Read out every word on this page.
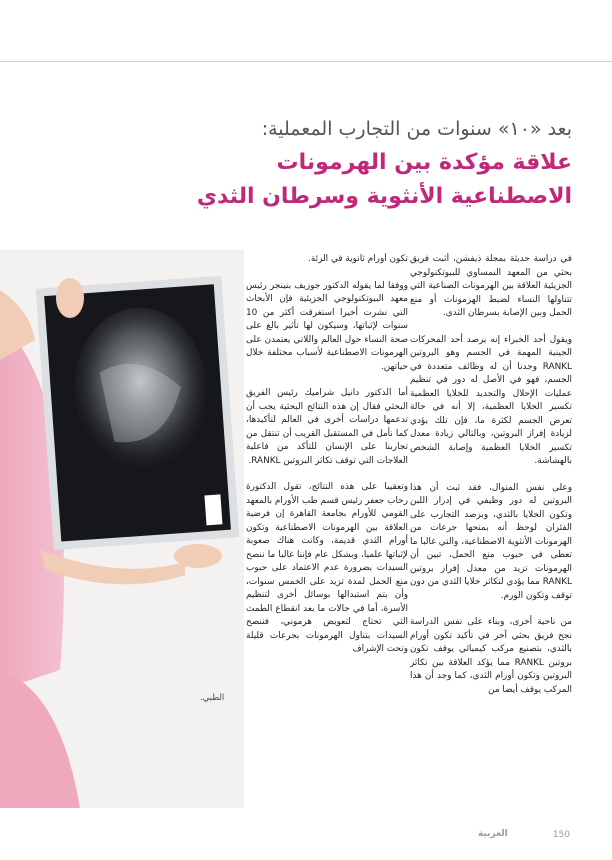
بعد «١٠» سنوات من التجارب المعملية:
علاقة مؤكدة بين الهرمونات
الاصطناعية الأنثوية وسرطان الثدي

في دراسة حديثة بمجلة ذيفشن، أثبت فريق بحثي من المعهد النمساوي للبيوتكنولوجي الجزيئية العلاقة بين الهرمونات الصناعية التي تتناولها النساء لضبط الهرمونات أو منع الحمل وبين الإصابة بسرطان الثدي.

ويقول أحد الخبراء إنه يرصد أحد المحركات الجينية المهمة في الجسم وهو البروتين RANKL وجدنا أن له وظائف متعددة في الجسم، فهو في الأصل له دور في تنظيم عمليات الإحلال والتجديد للخلايا العظمية تكسير الخلايا العظمية، إلا أنه في حالة تعرض الجسم لكثرة ما، فإن تلك يؤدي لزيادة إفراز البروتين، وبالتالي زيادة معدل تكسير الخلايا العظمية وإصابة الشخص بالهشاشة.

وعلى نفس المنوال، فقد ثبت أن هذا البروتين له دور وظيفي في إدرار اللبن وتكون الخلايا بالثدي، وبرصد التجارب على الفئران لوحظ أنه بمنحها جرعات من الهرمونات الأنثوية الاصطناعية، والتي غالبا ما تعطى في حبوب منع الحمل، تبين أن الهرمونات تزيد من معدل إفراز بروتين RANKL مما يؤدي لتكاثر خلايا الثدي من دون توقف وتكون الورم.

من ناحية أخرى، وبناء على نفس الدراسة نجح فريق بحثي آخر في تأكيد تكون أورام بالثدي، بتصنيع مركب كيميائي يوقف تكون بروتين RANKL مما يؤكد العلاقة بين تكاثر البروتين وتكون أورام الثدي، كما وجد أن هذا المركب يوقف أيضا من

تكون أورام ثانوية في الرئة.

ووفقا لما يقوله الدكتور جوزيف بنينجر رئيس معهد البيوتكنولوجي الجزيئية فإن الأبحاث التي نشرت أخيرا استغرقت أكثر من 10 سنوات لإثباتها، وسيكون لها تأثير بالغ على صحة النساء حول العالم واللاتي يعتمدن على الهرمونات الاصطناعية لأسباب مختلفة خلال حياتهن.

أما الدكتور دانيل شراميك رئيس الفريق البحثي فقال إن هذه النتائج البحثية يجب أن تدعمها دراسات أخرى في العالم لتأكيدها، كما نأمل في المستقبل القريب أن تنتقل من تجاربنا على الإنسان للتأكد من فاعلية العلاجات التي توقف تكاثر البروتين RANKL.

وتعقيبا على هذه النتائج، تقول الدكتورة رحاب جعفر رئيس قسم طب الأورام بالمعهد القومي للأورام بجامعة القاهرة إن فرضية العلاقة بين الهرمونات الاصطناعية وتكون أورام الثدي قديمة، وكانت هناك صعوبة لإثباتها علميا، وبشكل عام فإننا غالبا ما ننصح السيدات بضرورة عدم الاعتماد على حبوب منع الحمل لمدة تزيد على الخمس سنوات، وأن يتم استبدالها بوسائل أخرى لتنظيم الأسرة، أما في حالات ما بعد انقطاع الطمث التي تحتاج لتعويض هرموني، فننصح السيدات بتناول الهرمونات بجرعات قليلة وتحت الإشراف

الطبي.
العربية	150
